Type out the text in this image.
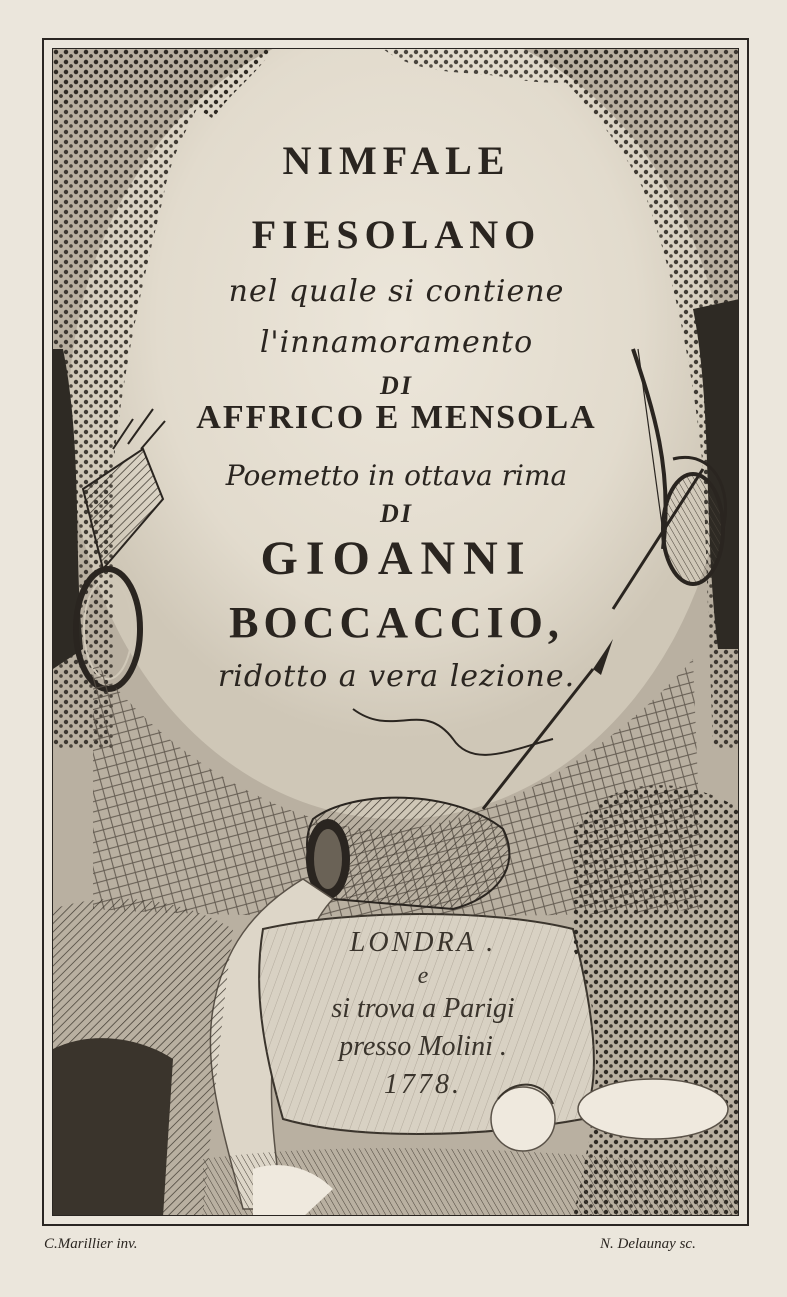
NIMFALE
FIESOLANO
nel quale si contiene
l'innamoramento
DI
AFFRICO E MENSOLA
Poemetto in ottava rima
DI
GIOANNI
BOCCACCIO,
ridotto a vera lezione.
LONDRA .
e
si trova a Parigi
presso Molini .
1778.
C.Marillier inv.	N. Delaunay sc.
